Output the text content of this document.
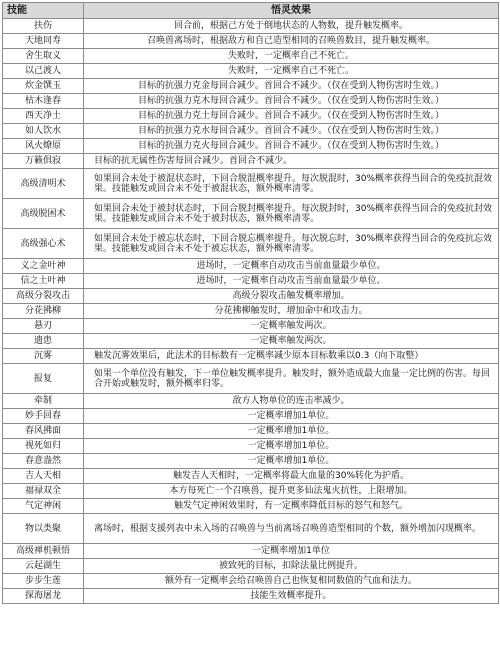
技能	悟灵效果
扶伤	回合前，根据己方处于倒地状态的人物数，提升触发概率。
天地同寿	召唤兽离场时，根据敌方和自己造型相同的召唤兽数目，提升触发概率。
舍生取义	失败时，一定概率自己不死亡。
以己渡人	失败时，一定概率自己不死亡。
炊金馔玉	目标的抗强力克金每回合减少。首回合不减少。（仅在受到人物伤害时生效。）
枯木逢春	目标的抗强力克木每回合减少。首回合不减少。（仅在受到人物伤害时生效。）
西天净土	目标的抗强力克土每回合减少。首回合不减少。（仅在受到人物伤害时生效。）
如人饮水	目标的抗强力克水每回合减少。首回合不减少。（仅在受到人物伤害时生效。）
风火燎原	目标的抗强力克火每回合减少。首回合不减少。（仅在受到人物伤害时生效。）
万籁俱寂	目标的抗无属性伤害每回合减少。首回合不减少。
高级清明术	如果回合未处于被混状态时，下回合脱混概率提升。每次脱混时，30%概率获得当回合的免疫抗混效果。技能触发或回合未不处于被混状态，额外概率清零。
高级脱困术	如果回合未处于被封状态时，下回合脱封概率提升。每次脱封时，30%概率获得当回合的免疫抗封效果。技能触发或回合未不处于被封状态，额外概率清零。
高级强心术	如果回合未处于被忘状态时，下回合脱忘概率提升。每次脱忘时，30%概率获得当回合的免疫抗忘效果。技能触发或回合未不处于被忘状态，额外概率清零。
义之金叶神	进场时，一定概率自动攻击当前血量最少单位。
信之土叶神	进场时，一定概率自动攻击当前血量最少单位。
高级分裂攻击	高级分裂攻击触发概率增加。
分花拂柳	分花拂柳触发时，增加命中和攻击力。
悬刃	一定概率触发两次。
遗患	一定概率触发两次。
沉雾	触发沉雾效果后，此法术的目标数有一定概率减少原本目标数乘以0.3（向下取整）
报复	如果一个单位没有触发，下一单位触发概率提升。触发时，额外造成最大血量一定比例的伤害。每回合开始或触发时，额外概率归零。
牵制	敌方人物单位的连击率减少。
妙手回春	一定概率增加1单位。
春风拂面	一定概率增加1单位。
视死如归	一定概率增加1单位。
春意盎然	一定概率增加1单位。
吉人天相	触发吉人天相时，一定概率将最大血量的30%转化为护盾。
福禄双全	本方每死亡一个召唤兽，提升更多仙法鬼火抗性，上限增加。
气定神闲	触发气定神闲效果时，有一定概率降低目标的怒气和怒气。
物以类聚	离场时，根据支援列表中未入场的召唤兽与当前离场召唤兽造型相同的个数，额外增加闪现概率。
高级禅机顿悟	一定概率增加1单位
云起湖生	被致死的目标，扣除法量比例提升。
步步生莲	额外有一定概率会给召唤兽自己也恢复相同数值的气血和法力。
探海屠龙	技能生效概率提升。
